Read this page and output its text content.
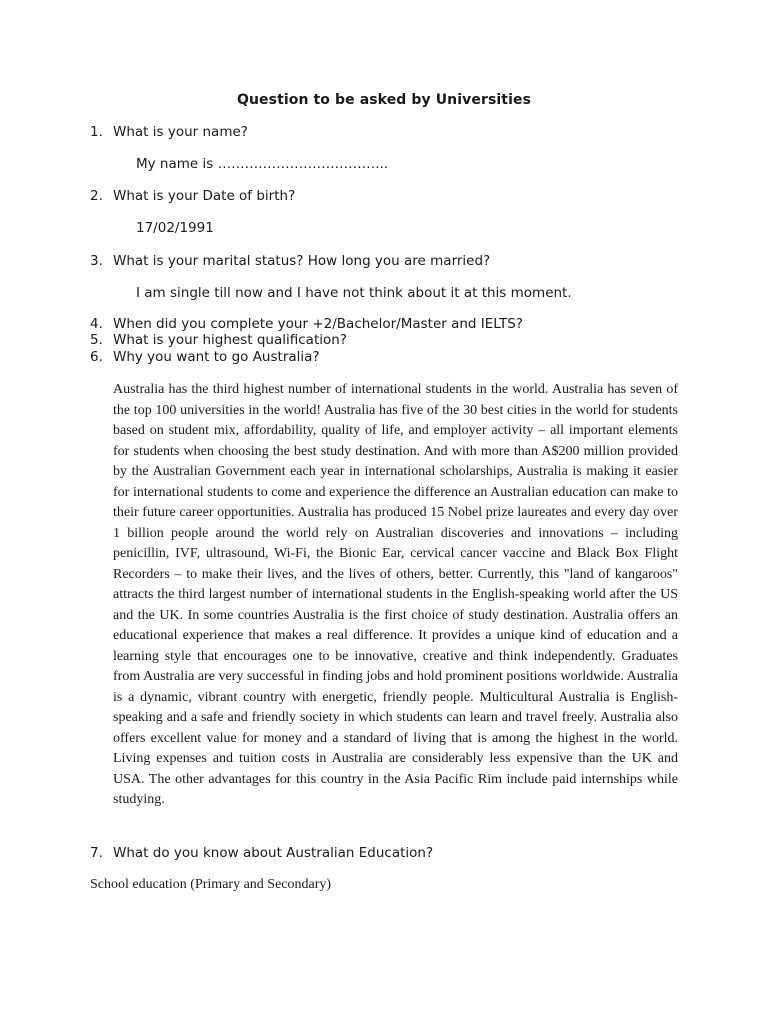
Question to be asked by Universities
1. What is your name?
My name is ………………………………..
2. What is your Date of birth?
17/02/1991
3. What is your marital status? How long you are married?
I am single till now and I have not think about it at this moment.
4. When did you complete your +2/Bachelor/Master and IELTS?
5. What is your highest qualification?
6. Why you want to go Australia?

Australia has the third highest number of international students in the world. Australia has seven of the top 100 universities in the world! Australia has five of the 30 best cities in the world for students based on student mix, affordability, quality of life, and employer activity – all important elements for students when choosing the best study destination. And with more than A$200 million provided by the Australian Government each year in international scholarships, Australia is making it easier for international students to come and experience the difference an Australian education can make to their future career opportunities. Australia has produced 15 Nobel prize laureates and every day over 1 billion people around the world rely on Australian discoveries and innovations – including penicillin, IVF, ultrasound, Wi-Fi, the Bionic Ear, cervical cancer vaccine and Black Box Flight Recorders – to make their lives, and the lives of others, better. Currently, this "land of kangaroos" attracts the third largest number of international students in the English-speaking world after the US and the UK. In some countries Australia is the first choice of study destination. Australia offers an educational experience that makes a real difference. It provides a unique kind of education and a learning style that encourages one to be innovative, creative and think independently. Graduates from Australia are very successful in finding jobs and hold prominent positions worldwide. Australia is a dynamic, vibrant country with energetic, friendly people. Multicultural Australia is English-speaking and a safe and friendly society in which students can learn and travel freely. Australia also offers excellent value for money and a standard of living that is among the highest in the world. Living expenses and tuition costs in Australia are considerably less expensive than the UK and USA. The other advantages for this country in the Asia Pacific Rim include paid internships while studying.

7. What do you know about Australian Education?
School education (Primary and Secondary)
